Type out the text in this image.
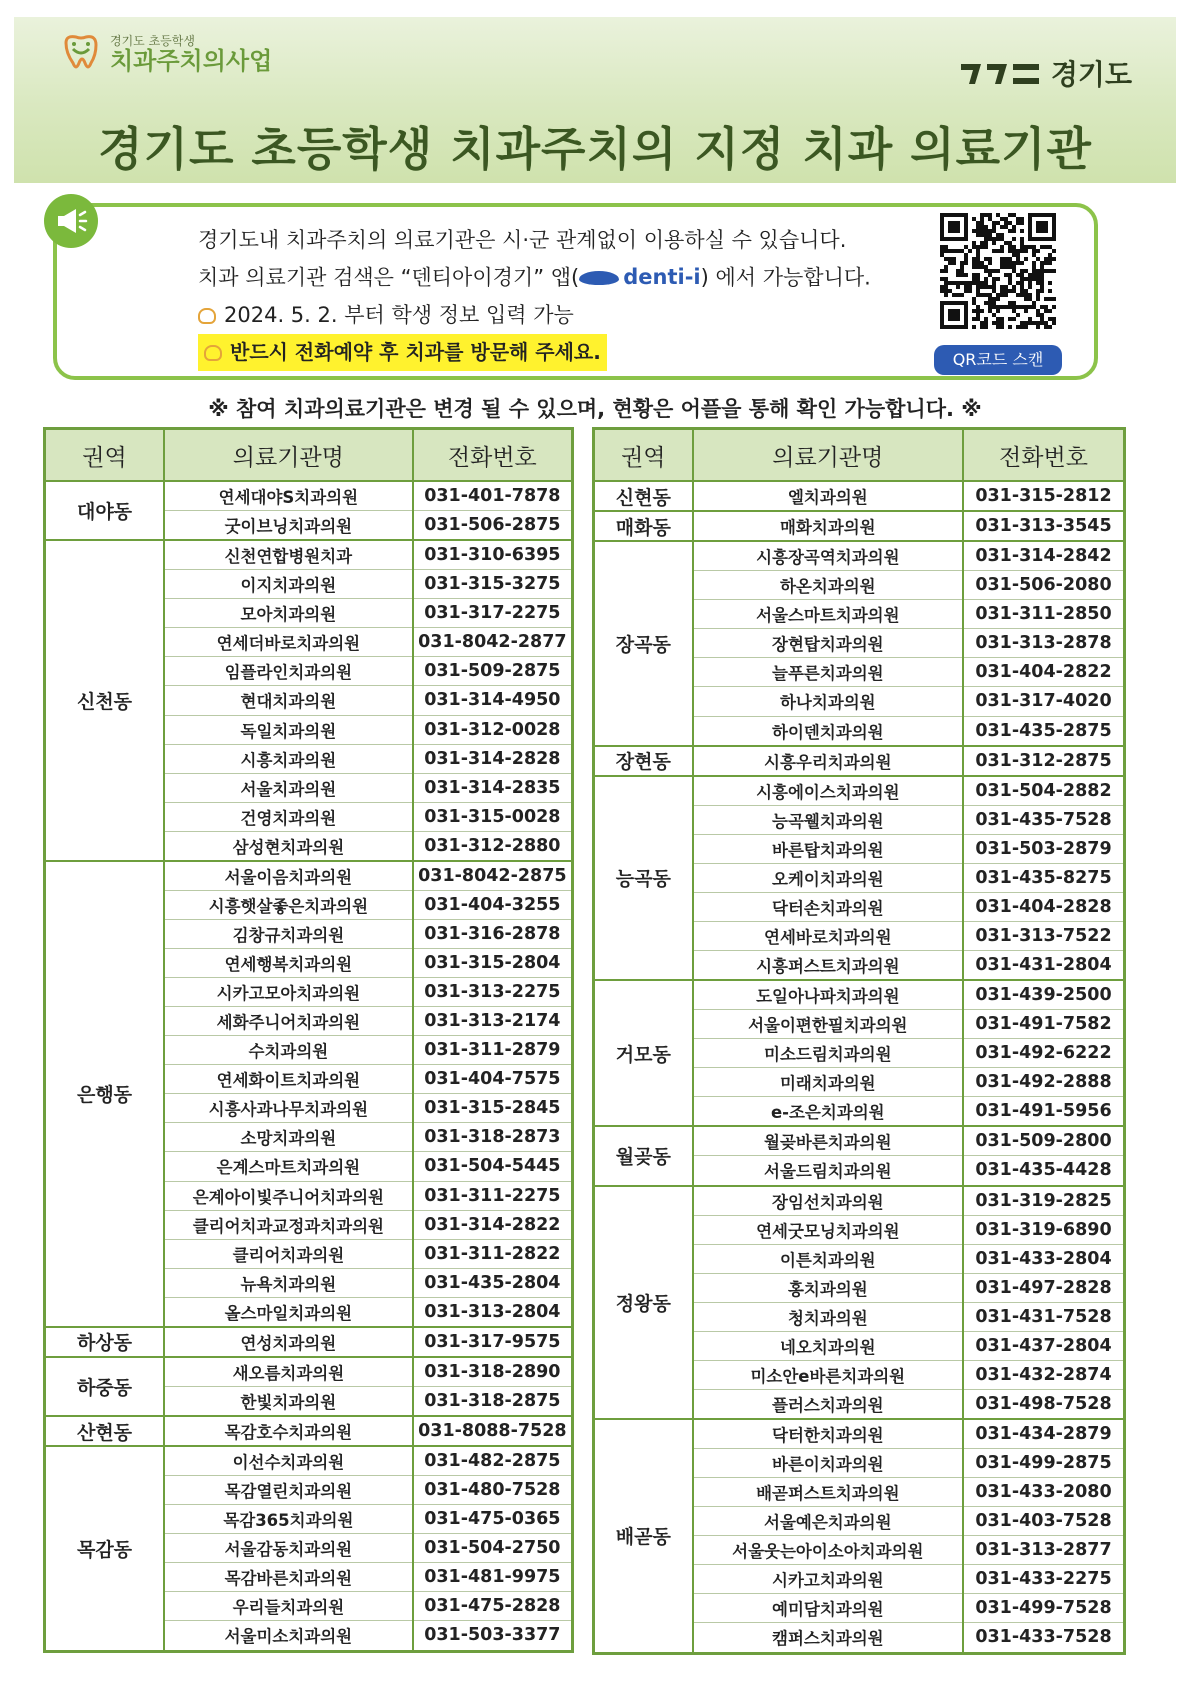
경기도 초등학생
치과주치의사업	경기도
경기도 초등학생 치과주치의 지정 치과 의료기관
경기도내 치과주치의 의료기관은 시·군 관계없이 이용하실 수 있습니다.
치과 의료기관 검색은 “덴티아이경기” 앱( denti-i ) 에서 가능합니다.
2024. 5. 2. 부터 학생 정보 입력 가능
반드시 전화예약 후 치과를 방문해 주세요.	QR코드 스캔
※ 참여 치과의료기관은 변경 될 수 있으며, 현황은 어플을 통해 확인 가능합니다. ※
권역	의료기관명	전화번호
대야동	연세대야S치과의원	031-401-7878
	굿이브닝치과의원	031-506-2875
신천동	신천연합병원치과	031-310-6395
	이지치과의원	031-315-3275
	모아치과의원	031-317-2275
	연세더바로치과의원	031-8042-2877
	임플라인치과의원	031-509-2875
	현대치과의원	031-314-4950
	독일치과의원	031-312-0028
	시흥치과의원	031-314-2828
	서울치과의원	031-314-2835
	건영치과의원	031-315-0028
	삼성현치과의원	031-312-2880
은행동	서울이음치과의원	031-8042-2875
	시흥햇살좋은치과의원	031-404-3255
	김창규치과의원	031-316-2878
	연세행복치과의원	031-315-2804
	시카고모아치과의원	031-313-2275
	세화주니어치과의원	031-313-2174
	수치과의원	031-311-2879
	연세화이트치과의원	031-404-7575
	시흥사과나무치과의원	031-315-2845
	소망치과의원	031-318-2873
	은계스마트치과의원	031-504-5445
	은계아이빛주니어치과의원	031-311-2275
	클리어치과교정과치과의원	031-314-2822
	클리어치과의원	031-311-2822
	뉴욕치과의원	031-435-2804
	올스마일치과의원	031-313-2804
하상동	연성치과의원	031-317-9575
하중동	새오름치과의원	031-318-2890
	한빛치과의원	031-318-2875
산현동	목감호수치과의원	031-8088-7528
목감동	이선수치과의원	031-482-2875
	목감열린치과의원	031-480-7528
	목감365치과의원	031-475-0365
	서울감동치과의원	031-504-2750
	목감바른치과의원	031-481-9975
	우리들치과의원	031-475-2828
	서울미소치과의원	031-503-3377
권역	의료기관명	전화번호
신현동	엘치과의원	031-315-2812
매화동	매화치과의원	031-313-3545
장곡동	시흥장곡역치과의원	031-314-2842
	하온치과의원	031-506-2080
	서울스마트치과의원	031-311-2850
	장현탑치과의원	031-313-2878
	늘푸른치과의원	031-404-2822
	하나치과의원	031-317-4020
	하이덴치과의원	031-435-2875
장현동	시흥우리치과의원	031-312-2875
능곡동	시흥에이스치과의원	031-504-2882
	능곡웰치과의원	031-435-7528
	바른탑치과의원	031-503-2879
	오케이치과의원	031-435-8275
	닥터손치과의원	031-404-2828
	연세바로치과의원	031-313-7522
	시흥퍼스트치과의원	031-431-2804
거모동	도일아나파치과의원	031-439-2500
	서울이편한필치과의원	031-491-7582
	미소드림치과의원	031-492-6222
	미래치과의원	031-492-2888
	e-조은치과의원	031-491-5956
월곶동	월곶바른치과의원	031-509-2800
	서울드림치과의원	031-435-4428
정왕동	장임선치과의원	031-319-2825
	연세굿모닝치과의원	031-319-6890
	이튼치과의원	031-433-2804
	홍치과의원	031-497-2828
	청치과의원	031-431-7528
	네오치과의원	031-437-2804
	미소안e바른치과의원	031-432-2874
	플러스치과의원	031-498-7528
배곧동	닥터한치과의원	031-434-2879
	바른이치과의원	031-499-2875
	배곧퍼스트치과의원	031-433-2080
	서울예은치과의원	031-403-7528
	서울웃는아이소아치과의원	031-313-2877
	시카고치과의원	031-433-2275
	예미담치과의원	031-499-7528
	캠퍼스치과의원	031-433-7528
